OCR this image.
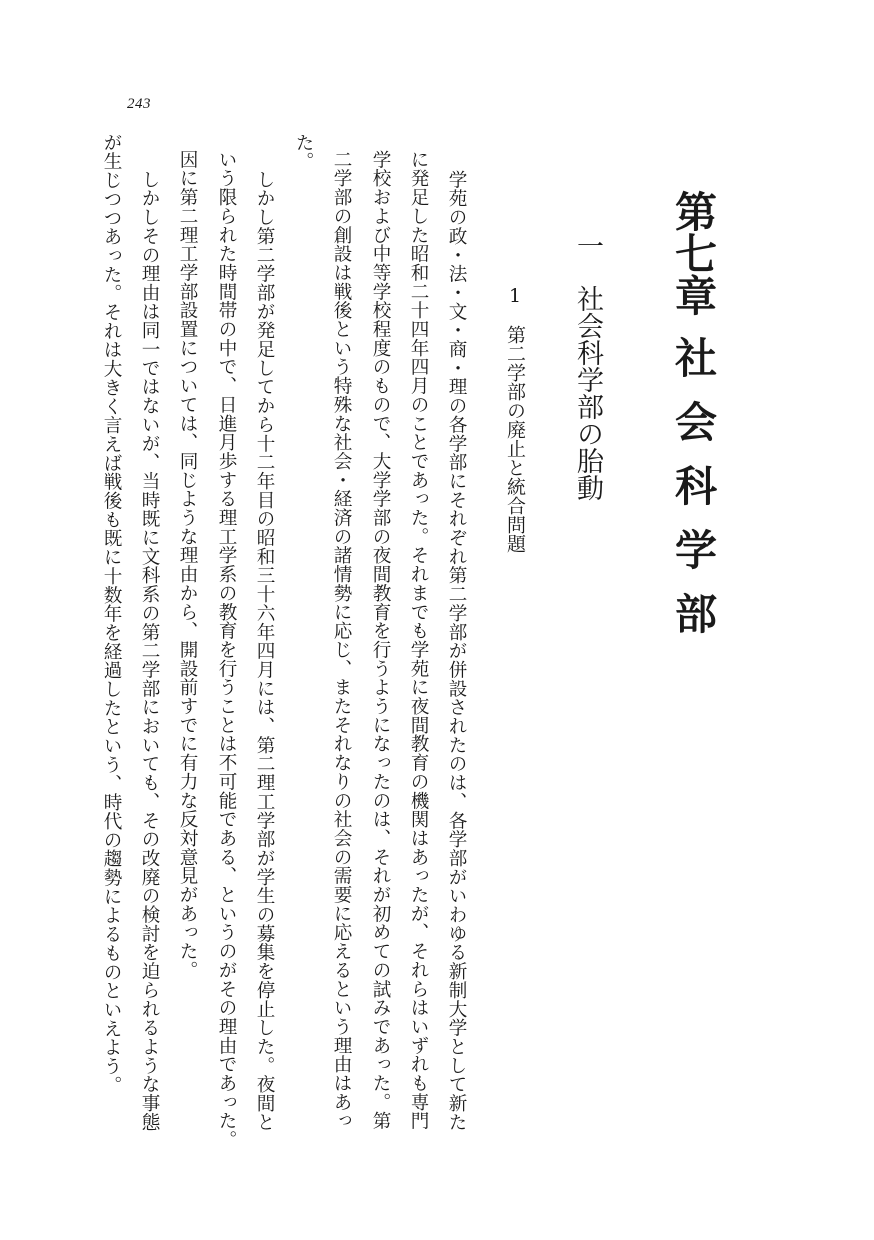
243
第七章社会科学部
一社会科学部の胎動
1第二学部の廃止と統合問題
学苑の政・法・文・商・理の各学部にそれぞれ第二学部が併設されたのは、各学部がいわゆる新制大学として新た
に発足した昭和二十四年四月のことであった。それまでも学苑に夜間教育の機関はあったが、それらはいずれも専門
学校および中等学校程度のもので、大学学部の夜間教育を行うようになったのは、それが初めての試みであった。第
二学部の創設は戦後という特殊な社会・経済の諸情勢に応じ、またそれなりの社会の需要に応えるという理由はあっ
た。
しかし第二学部が発足してから十二年目の昭和三十六年四月には、第二理工学部が学生の募集を停止した。夜間と
いう限られた時間帯の中で、日進月歩する理工学系の教育を行うことは不可能である、というのがその理由であった。
因に第二理工学部設置については、同じような理由から、開設前すでに有力な反対意見があった。
しかしその理由は同一ではないが、当時既に文科系の第二学部においても、その改廃の検討を迫られるような事態
が生じつつあった。それは大きく言えば戦後も既に十数年を経過したという、時代の趨勢によるものといえよう。
